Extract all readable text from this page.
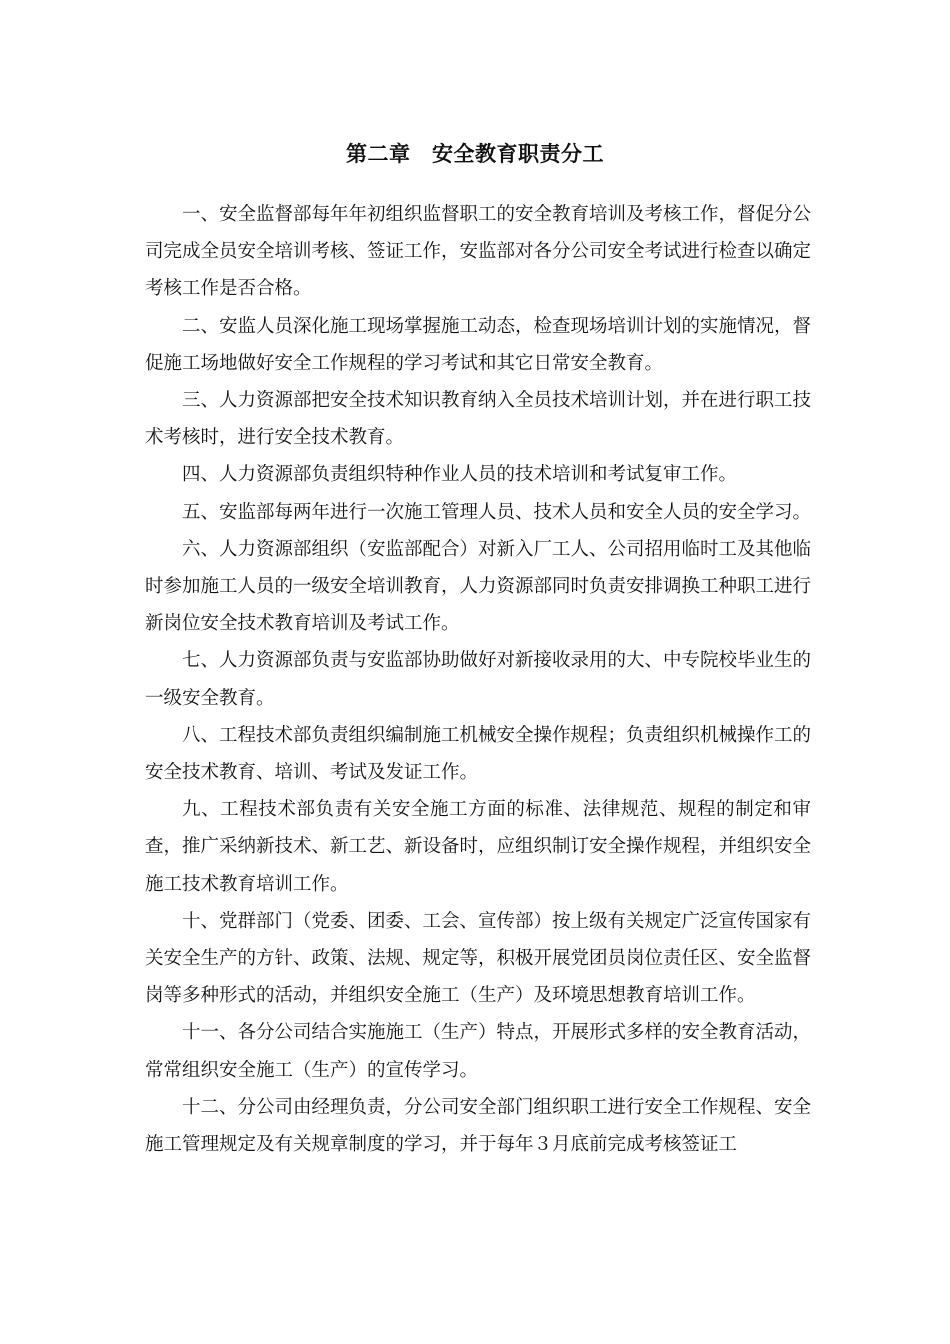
第二章　安全教育职责分工

一、安全监督部每年年初组织监督职工的安全教育培训及考核工作，督促分公司完成全员安全培训考核、签证工作，安监部对各分公司安全考试进行检查以确定考核工作是否合格。

二、安监人员深化施工现场掌握施工动态，检查现场培训计划的实施情况，督促施工场地做好安全工作规程的学习考试和其它日常安全教育。

三、人力资源部把安全技术知识教育纳入全员技术培训计划，并在进行职工技术考核时，进行安全技术教育。

四、人力资源部负责组织特种作业人员的技术培训和考试复审工作。

五、安监部每两年进行一次施工管理人员、技术人员和安全人员的安全学习。

六、人力资源部组织（安监部配合）对新入厂工人、公司招用临时工及其他临时参加施工人员的一级安全培训教育，人力资源部同时负责安排调换工种职工进行新岗位安全技术教育培训及考试工作。

七、人力资源部负责与安监部协助做好对新接收录用的大、中专院校毕业生的一级安全教育。

八、工程技术部负责组织编制施工机械安全操作规程；负责组织机械操作工的安全技术教育、培训、考试及发证工作。

九、工程技术部负责有关安全施工方面的标准、法律规范、规程的制定和审查，推广采纳新技术、新工艺、新设备时，应组织制订安全操作规程，并组织安全施工技术教育培训工作。

十、党群部门（党委、团委、工会、宣传部）按上级有关规定广泛宣传国家有关安全生产的方针、政策、法规、规定等，积极开展党团员岗位责任区、安全监督岗等多种形式的活动，并组织安全施工（生产）及环境思想教育培训工作。

十一、各分公司结合实施施工（生产）特点，开展形式多样的安全教育活动，常常组织安全施工（生产）的宣传学习。

十二、分公司由经理负责，分公司安全部门组织职工进行安全工作规程、安全施工管理规定及有关规章制度的学习，并于每年３月底前完成考核签证工
